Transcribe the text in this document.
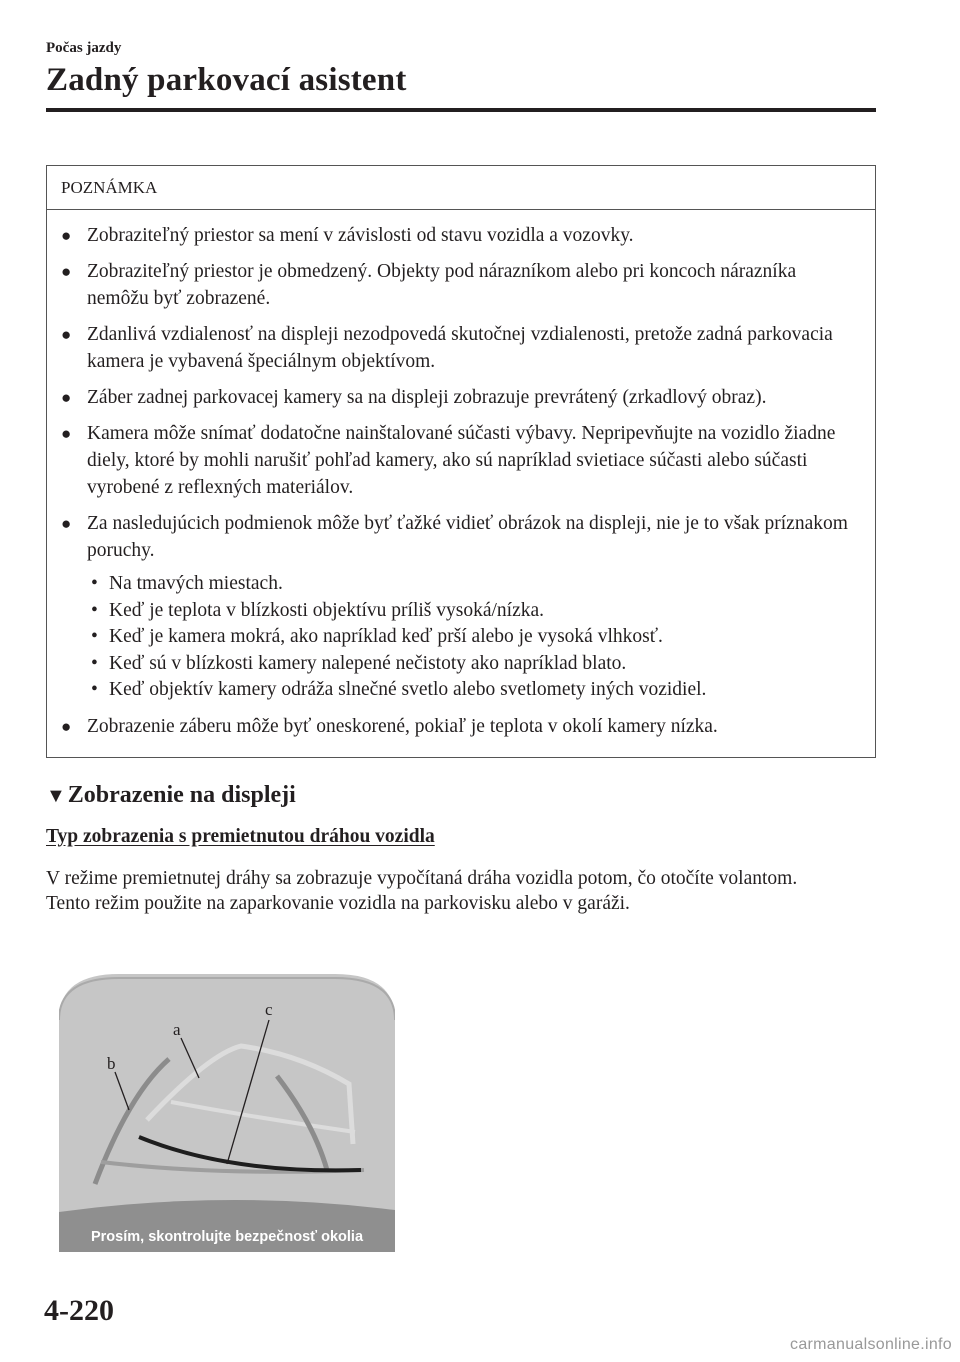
Počas jazdy
Zadný parkovací asistent
POZNÁMKA
● Zobraziteľný priestor sa mení v závislosti od stavu vozidla a vozovky.
● Zobraziteľný priestor je obmedzený. Objekty pod nárazníkom alebo pri koncoch nárazníka nemôžu byť zobrazené.
● Zdanlivá vzdialenosť na displeji nezodpovedá skutočnej vzdialenosti, pretože zadná parkovacia kamera je vybavená špeciálnym objektívom.
● Záber zadnej parkovacej kamery sa na displeji zobrazuje prevrátený (zrkadlový obraz).
● Kamera môže snímať dodatočne nainštalované súčasti výbavy. Nepripevňujte na vozidlo žiadne diely, ktoré by mohli narušiť pohľad kamery, ako sú napríklad svietiace súčasti alebo súčasti vyrobené z reflexných materiálov.
● Za nasledujúcich podmienok môže byť ťažké vidieť obrázok na displeji, nie je to však príznakom poruchy.
• Na tmavých miestach.
• Keď je teplota v blízkosti objektívu príliš vysoká/nízka.
• Keď je kamera mokrá, ako napríklad keď prší alebo je vysoká vlhkosť.
• Keď sú v blízkosti kamery nalepené nečistoty ako napríklad blato.
• Keď objektív kamery odráža slnečné svetlo alebo svetlomety iných vozidiel.
● Zobrazenie záberu môže byť oneskorené, pokiaľ je teplota v okolí kamery nízka.
▼Zobrazenie na displeji
Typ zobrazenia s premietnutou dráhou vozidla

V režime premietnutej dráhy sa zobrazuje vypočítaná dráha vozidla potom, čo otočíte volantom.

Tento režim použite na zaparkovanie vozidla na parkovisku alebo v garáži.

a
b
c
Prosím, skontrolujte bezpečnosť okolia
4-220
carmanualsonline.info
